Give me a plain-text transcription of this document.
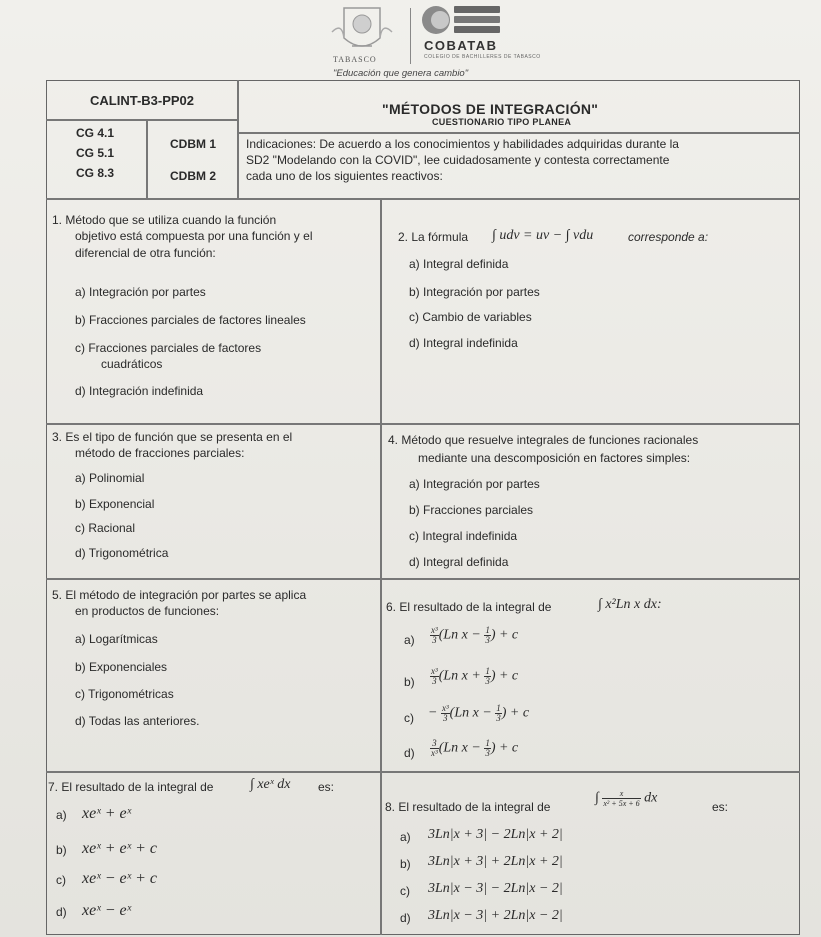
TABASCO
COBATAB
COLEGIO DE BACHILLERES DE TABASCO
"Educación que genera cambio"
CALINT-B3-PP02
"MÉTODOS DE INTEGRACIÓN"
CUESTIONARIO TIPO PLANEA
CG 4.1
CG 5.1
CG 8.3
CDBM 1
CDBM 2
Indicaciones: De acuerdo a los conocimientos y habilidades adquiridas durante la
SD2 "Modelando con la COVID", lee cuidadosamente y contesta correctamente
cada uno de los siguientes reactivos:
1. Método que se utiliza cuando la función
objetivo está compuesta por una función y el
diferencial de otra función:
a) Integración por partes
b) Fracciones parciales de factores lineales
c) Fracciones parciales de factores
cuadráticos
d) Integración indefinida
2. La fórmula ∫ udv = uv − ∫ vdu	corresponde a:
a) Integral definida
b) Integración por partes
c) Cambio de variables
d) Integral indefinida
3. Es el tipo de función que se presenta en el
método de fracciones parciales:
a) Polinomial
b) Exponencial
c) Racional
d) Trigonométrica
4. Método que resuelve integrales de funciones racionales
mediante una descomposición en factores simples:
a) Integración por partes
b) Fracciones parciales
c) Integral indefinida
d) Integral definida
5. El método de integración por partes se aplica
en productos de funciones:
a) Logarítmicas
b) Exponenciales
c) Trigonométricas
d) Todas las anteriores.
6. El resultado de la integral de	∫ x²Ln x dx:
$a) \frac{\text{x³}}{3} (Ln$ $x - \frac{1}{3}$ ) + c
$b) \frac{\text{x³}}{3} (Ln$ $x + \frac{1}{3}$ ) + c
$c) - \frac{\text{x³}}{3} (Ln$ $x - \frac{1}{3}$ ) + c
$d) \frac{3}{\text{x³}} (Ln$ $x - \frac{1}{3}$ ) + c
7. El resultado de la integral de	∫ xeˣ dx es:
a) xeˣ + eˣ
b) xeˣ + eˣ + c
c) xeˣ − eˣ + c
d) xeˣ − eˣ
8. El resultado de la integral de
∫ $\frac{x}{\text{x² + 5x + 6}}$ dx
es:
a) 3Ln|x + 3| − 2Ln|x + 2|
b) 3Ln|x + 3| + 2Ln|x + 2|
c) 3Ln|x − 3| − 2Ln|x − 2|
d) 3Ln|x − 3| + 2Ln|x − 2|
